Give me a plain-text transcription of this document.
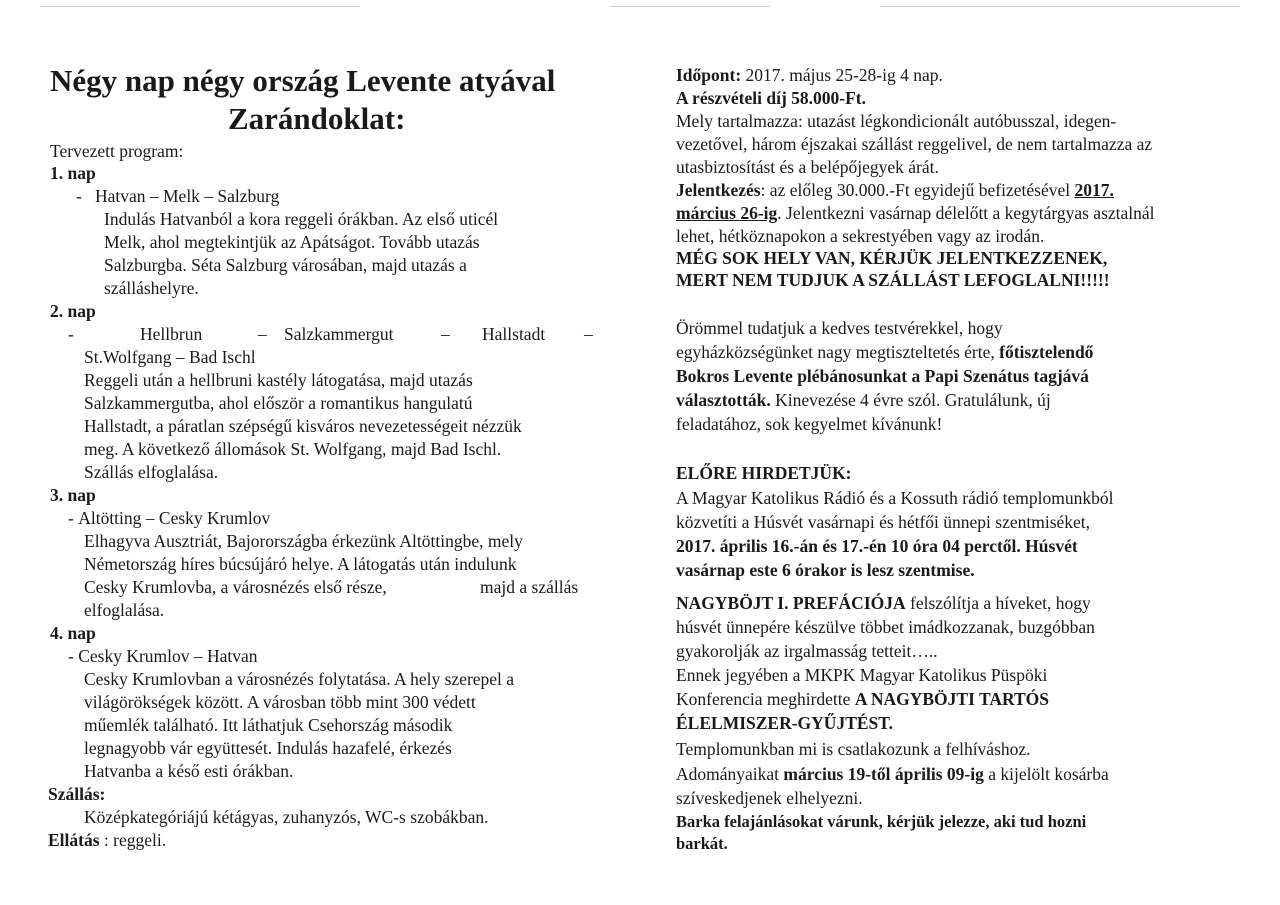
Négy nap négy ország Levente atyával
Zarándoklat:
Tervezett program:
1. nap
-   Hatvan – Melk – Salzburg
Indulás Hatvanból a kora reggeli órákban. Az első uticél
Melk, ahol megtekintjük az Apátságot. Tovább utazás
Salzburgba. Séta Salzburg városában, majd utazás a
szálláshelyre.
2. nap
-	Hellbrun	– Salzkammergut	– Hallstadt –
St.Wolfgang – Bad Ischl
Reggeli után a hellbruni kastély látogatása, majd utazás
Salzkammergutba, ahol először a romantikus hangulatú
Hallstadt, a páratlan szépségű kisváros nevezetességeit nézzük
meg. A következő állomások St. Wolfgang, majd Bad Ischl.
Szállás elfoglalása.
3. nap
- Altötting – Cesky Krumlov
Elhagyva Ausztriát, Bajorországba érkezünk Altöttingbe, mely
Németország híres búcsújáró helye. A látogatás után indulunk
Cesky Krumlovba, a városnézés első része,	majd a szállás
elfoglalása.
4. nap
- Cesky Krumlov – Hatvan
Cesky Krumlovban a városnézés folytatása. A hely szerepel a
világörökségek között. A városban több mint 300 védett
műemlék található. Itt láthatjuk Csehország második
legnagyobb vár együttesét. Indulás hazafelé, érkezés
Hatvanba a késő esti órákban.
Szállás:
Középkategóriájú kétágyas, zuhanyzós, WC-s szobákban.
Ellátás : reggeli.
Időpont: 2017. május 25-28-ig 4 nap.
A részvételi díj 58.000-Ft.
Mely tartalmazza: utazást légkondicionált autóbusszal, idegen-
vezetővel, három éjszakai szállást reggelivel, de nem tartalmazza az
utasbiztosítást és a belépőjegyek árát.
Jelentkezés: az előleg 30.000.-Ft egyidejű befizetésével 2017.
március 26-ig. Jelentkezni vasárnap délelőtt a kegytárgyas asztalnál
lehet, hétköznapokon a sekrestyében vagy az irodán.
MÉG SOK HELY VAN, KÉRJÜK JELENTKEZZENEK,
MERT NEM TUDJUK A SZÁLLÁST LEFOGLALNI!!!!!
Örömmel tudatjuk a kedves testvérekkel, hogy
egyházközségünket nagy megtiszteltetés érte, főtisztelendő
Bokros Levente plébánosunkat a Papi Szenátus tagjává
választották. Kinevezése 4 évre szól. Gratulálunk, új
feladatához, sok kegyelmet kívánunk!
ELŐRE HIRDETJÜK:
A Magyar Katolikus Rádió és a Kossuth rádió templomunkból
közvetíti a Húsvét vasárnapi és hétfői ünnepi szentmiséket,
2017. április 16.-án és 17.-én 10 óra 04 perctől. Húsvét
vasárnap este 6 órakor is lesz szentmise.
NAGYBÖJT I. PREFÁCIÓJA felszólítja a híveket, hogy
húsvét ünnepére készülve többet imádkozzanak, buzgóbban
gyakorolják az irgalmasság tetteit…..
Ennek jegyében a MKPK Magyar Katolikus Püspöki
Konferencia meghirdette A NAGYBÖJTI TARTÓS
ÉLELMISZER-GYŰJTÉST.
Templomunkban mi is csatlakozunk a felhíváshoz.
Adományaikat március 19-től április 09-ig a kijelölt kosárba
szíveskedjenek elhelyezni.
Barka felajánlásokat várunk, kérjük jelezze, aki tud hozni
barkát.
